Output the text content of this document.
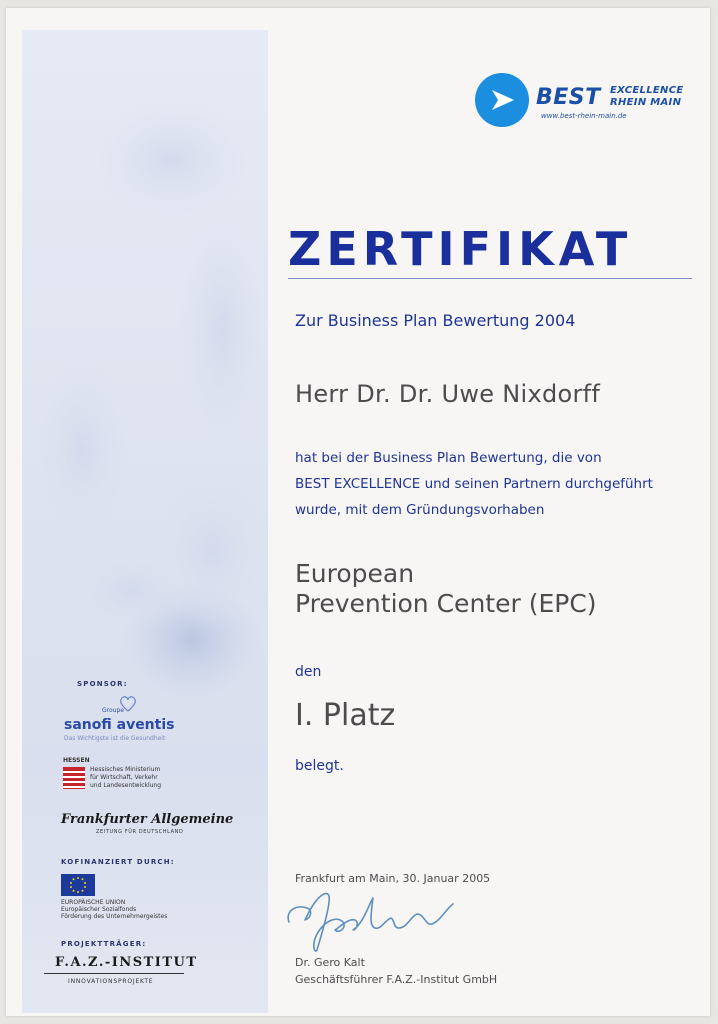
SPONSOR:
Groupe
sanofi aventis
Das Wichtigste ist die Gesundheit
HESSEN
Hessisches Ministerium
für Wirtschaft, Verkehr
und Landesentwicklung
Frankfurter Allgemeine
ZEITUNG FÜR DEUTSCHLAND
KOFINANZIERT DURCH:
EUROPÄISCHE UNION
Europäischer Sozialfonds
Förderung des Unternehmergeistes
PROJEKTTRÄGER:
F.A.Z.-INSTITUT
INNOVATIONSPROJEKTE
BEST EXCELLENCE
RHEIN MAIN
www.best-rhein-main.de
ZERTIFIKAT
Zur Business Plan Bewertung 2004
Herr Dr. Dr. Uwe Nixdorff
hat bei der Business Plan Bewertung, die von
BEST EXCELLENCE und seinen Partnern durchgeführt
wurde, mit dem Gründungsvorhaben
European
Prevention Center (EPC)
den
I. Platz
belegt.
Frankfurt am Main, 30. Januar 2005
Dr. Gero Kalt
Geschäftsführer F.A.Z.-Institut GmbH
